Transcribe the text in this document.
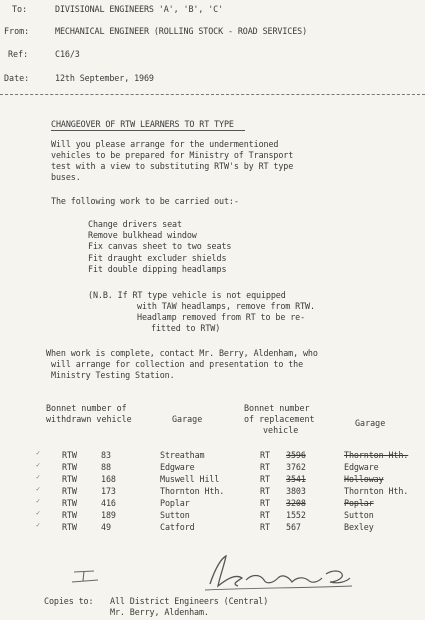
To:	DIVISIONAL ENGINEERS 'A', 'B', 'C'
From:	MECHANICAL ENGINEER (ROLLING STOCK - ROAD SERVICES)
Ref:	C16/3
Date:	12th September, 1969
CHANGEOVER OF RTW LEARNERS TO RT TYPE
Will you please arrange for the undermentioned
vehicles to be prepared for Ministry of Transport
test with a view to substituting RTW's by RT type
buses.
The following work to be carried out:-
Change drivers seat
Remove bulkhead window
Fix canvas sheet to two seats
Fit draught excluder shields
Fit double dipping headlamps
(N.B. If RT type vehicle is not equipped
with TAW headlamps, remove from RTW.
Headlamp removed from RT to be re-
fitted to RTW)
When work is complete, contact Mr. Berry, Aldenham, who
will arrange for collection and presentation to the
Ministry Testing Station.
Bonnet number of
withdrawn vehicle	Garage
Bonnet number
of replacement
vehicle
Garage
✓	RTW	83	Streatham	RT 3596	Thornton Hth.
✓	RTW	88	Edgware	RT 3762	Edgware
✓	RTW	168	Muswell Hill	RT 3541	Holloway
✓	RTW	173	Thornton Hth.	RT 3803	Thornton Hth.
✓	RTW	416	Poplar	RT 3208	Poplar
✓	RTW	189	Sutton	RT 1552	Sutton
✓	RTW	49	Catford	RT 567	Bexley
Copies to: All District Engineers (Central)
Mr. Berry, Aldenham.
